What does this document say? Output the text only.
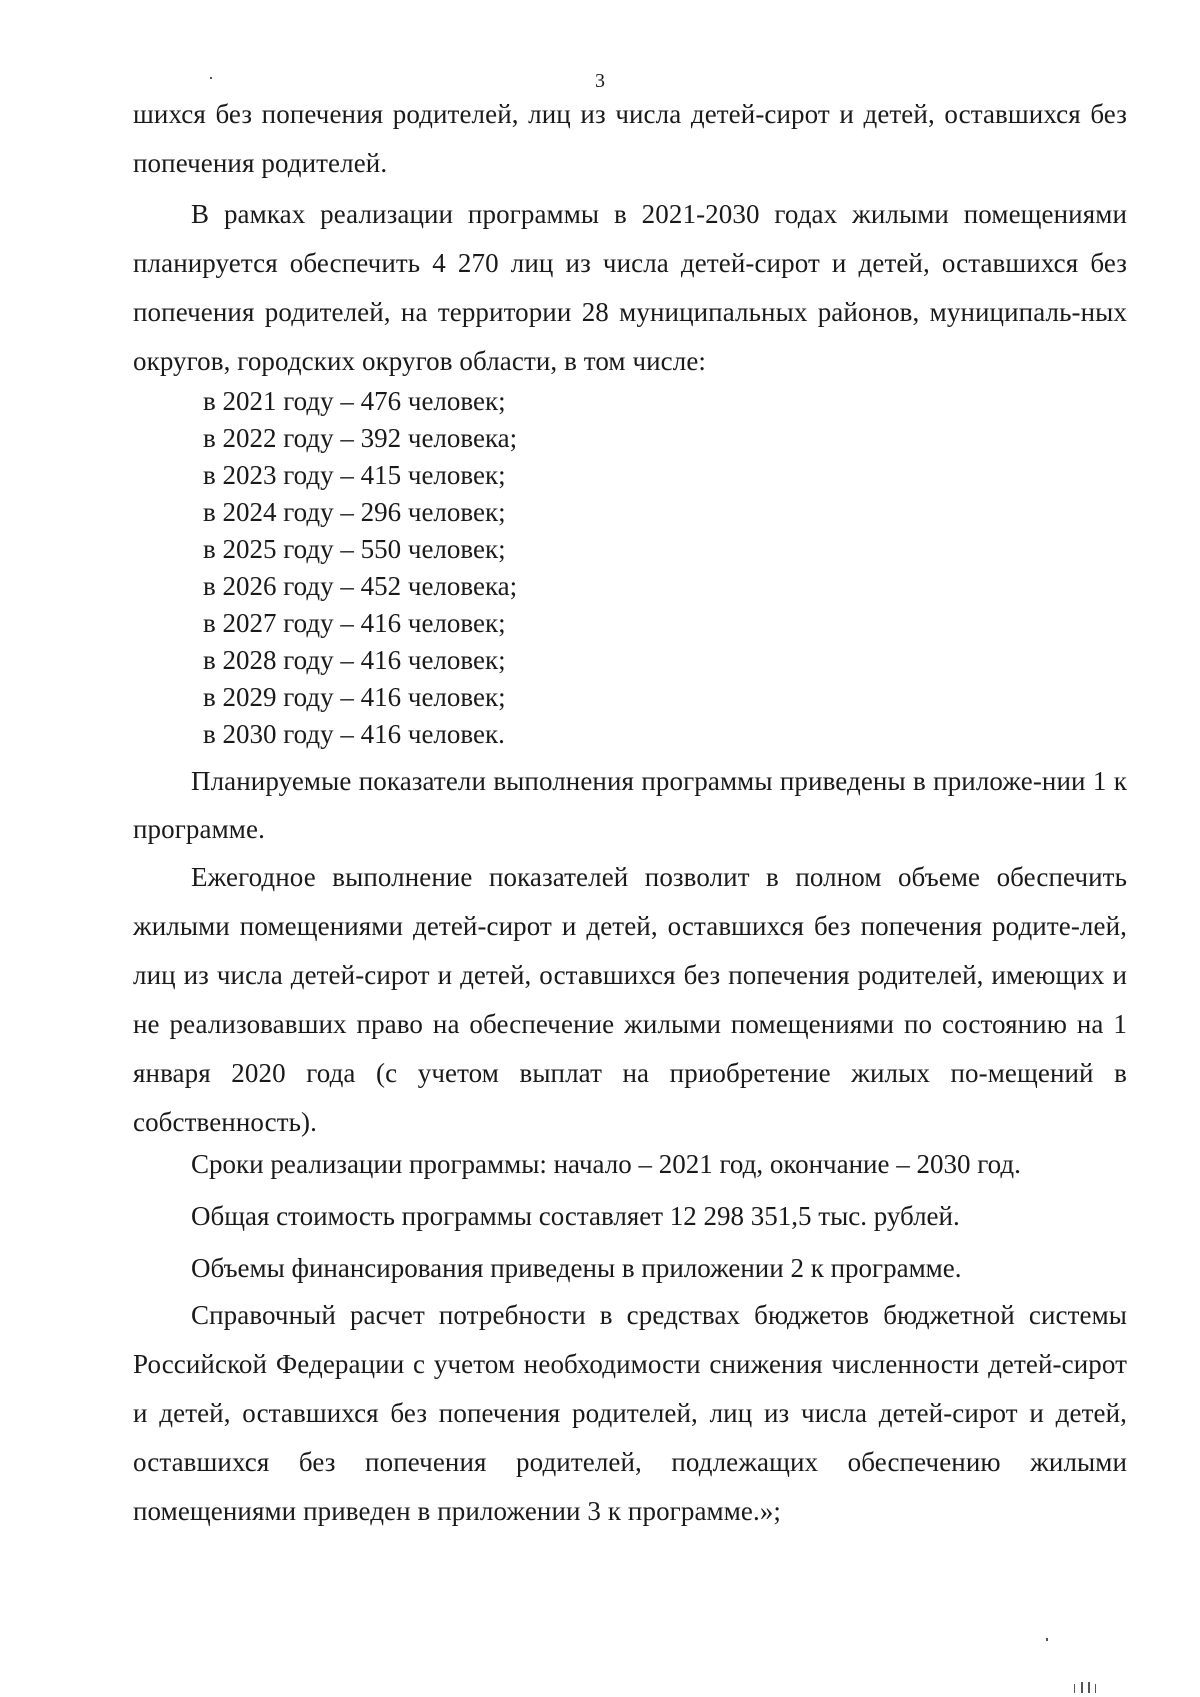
3

шихся без попечения родителей, лиц из числа детей-сирот и детей, оставшихся без попечения родителей.

В рамках реализации программы в 2021-2030 годах жилыми помещениями планируется обеспечить 4 270 лиц из числа детей-сирот и детей, оставшихся без попечения родителей, на территории 28 муниципальных районов, муниципаль-ных округов, городских округов области, в том числе:

в 2021 году – 476 человек;
в 2022 году – 392 человека;
в 2023 году – 415 человек;
в 2024 году – 296 человек;
в 2025 году – 550 человек;
в 2026 году – 452 человека;
в 2027 году – 416 человек;
в 2028 году – 416 человек;
в 2029 году – 416 человек;
в 2030 году – 416 человек.

Планируемые показатели выполнения программы приведены в приложе-нии 1 к программе.

Ежегодное выполнение показателей позволит в полном объеме обеспечить жилыми помещениями детей-сирот и детей, оставшихся без попечения родите-лей, лиц из числа детей-сирот и детей, оставшихся без попечения родителей, имеющих и не реализовавших право на обеспечение жилыми помещениями по состоянию на 1 января 2020 года (с учетом выплат на приобретение жилых по-мещений в собственность).

Сроки реализации программы: начало – 2021 год, окончание – 2030 год.

Общая стоимость программы составляет 12 298 351,5 тыс. рублей.

Объемы финансирования приведены в приложении 2 к программе.

Справочный расчет потребности в средствах бюджетов бюджетной системы Российской Федерации с учетом необходимости снижения численности детей-сирот и детей, оставшихся без попечения родителей, лиц из числа детей-сирот и детей, оставшихся без попечения родителей, подлежащих обеспечению жилыми помещениями приведен в приложении 3 к программе.»;
